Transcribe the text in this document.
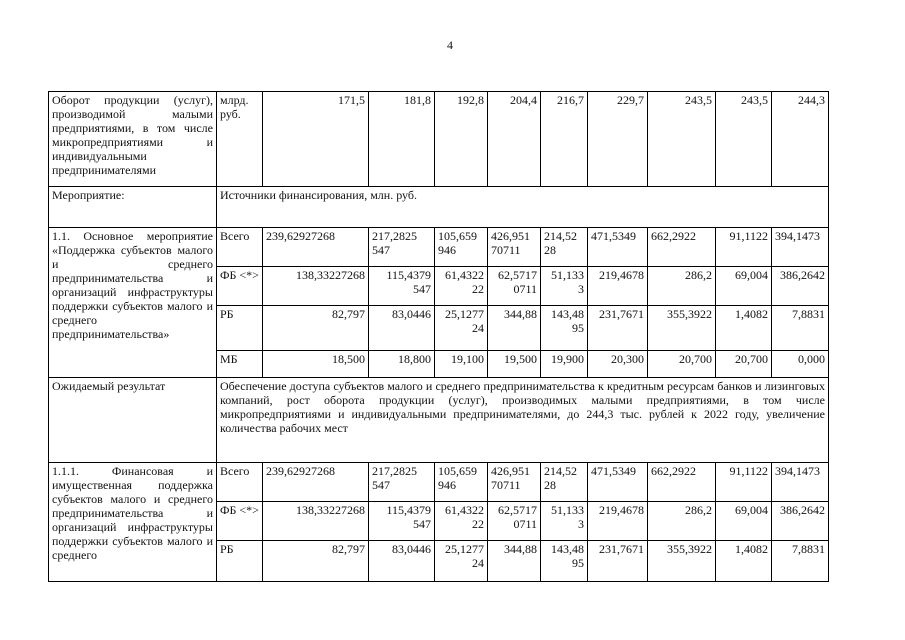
4
Оборот продукции (услуг), производимой малыми предприятиями, в том числе микропредприятиями и индивидуальными предпринимателями	млрд. руб.	171,5	181,8	192,8	204,4	216,7	229,7	243,5	243,5	244,3
Мероприятие:	Источники финансирования, млн. руб.									
1.1. Основное мероприятие «Поддержка субъектов малого и среднего предпринимательства и организаций инфраструктуры поддержки субъектов малого и среднего предпринимательства»	Всего	239,62927268	217,2825 547	105,659 946	426,951 70711	214,52 28	471,5349	662,2922	91,1122	394,1473
	ФБ <*>	138,33227268	115,4379 547	61,4322 22	62,5717 0711	51,133 3	219,4678	286,2	69,004	386,2642
	РБ	82,797	83,0446	25,1277 24	344,88	143,48 95	231,7671	355,3922	1,4082	7,8831
	МБ	18,500	18,800	19,100	19,500	19,900	20,300	20,700	20,700	0,000
Ожидаемый результат	Обеспечение доступа субъектов малого и среднего предпринимательства к кредитным ресурсам банков и лизинговых компаний, рост оборота продукции (услуг), производимых малыми предприятиями, в том числе микропредприятиями и индивидуальными предпринимателями, до 244,3 тыс. рублей к 2022 году, увеличение количества рабочих мест									
1.1.1. Финансовая и имущественная поддержка субъектов малого и среднего предпринимательства и организаций инфраструктуры поддержки субъектов малого и среднего	Всего	239,62927268	217,2825 547	105,659 946	426,951 70711	214,52 28	471,5349	662,2922	91,1122	394,1473
	ФБ <*>	138,33227268	115,4379 547	61,4322 22	62,5717 0711	51,133 3	219,4678	286,2	69,004	386,2642
	РБ	82,797	83,0446	25,1277 24	344,88	143,48 95	231,7671	355,3922	1,4082	7,8831
